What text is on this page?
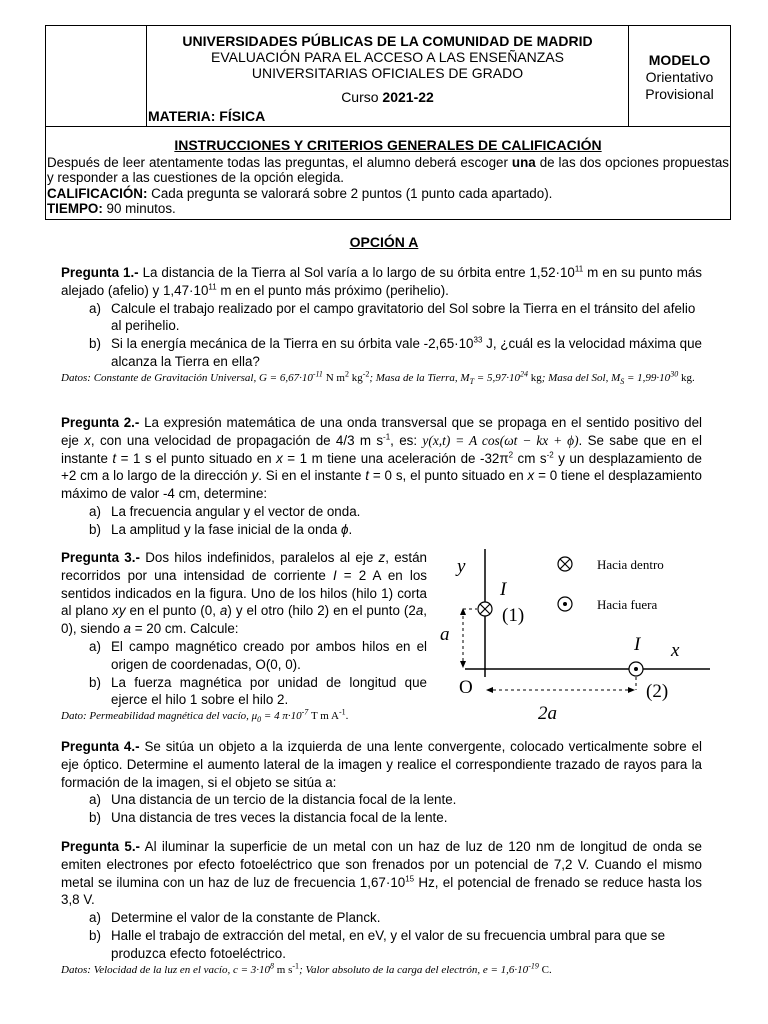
UNIVERSIDADES PÚBLICAS DE LA COMUNIDAD DE MADRID
EVALUACIÓN PARA EL ACCESO A LAS ENSEÑANZAS
UNIVERSITARIAS OFICIALES DE GRADO
Curso 2021-22
MATERIA: FÍSICA
MODELO
Orientativo
Provisional
INSTRUCCIONES Y CRITERIOS GENERALES DE CALIFICACIÓN
Después de leer atentamente todas las preguntas, el alumno deberá escoger una de las dos opciones propuestas y responder a las cuestiones de la opción elegida.
CALIFICACIÓN: Cada pregunta se valorará sobre 2 puntos (1 punto cada apartado).
TIEMPO: 90 minutos.
OPCIÓN A

Pregunta 1.- La distancia de la Tierra al Sol varía a lo largo de su órbita entre $1,52\cdot 10^{11}$ m en su punto más alejado (afelio) y $1,47\cdot 10^{11}$ m en el punto más próximo (perihelio).

a) Calcule el trabajo realizado por el campo gravitatorio del Sol sobre la Tierra en el tránsito del afelio al perihelio.
b) Si la energía mecánica de la Tierra en su órbita vale $-2,65\cdot 10^{33}$ J, ¿cuál es la velocidad máxima que alcanza la Tierra en ella?
Datos: Constante de Gravitación Universal, $G = 6,67\cdot 10^{-11}$ N $m^2$ $kg^{-2}$; Masa de la Tierra, $M_T = 5,97\cdot 10^{24}$ kg; Masa del Sol, $M_S = 1,99\cdot 10^{30}$ kg.

Pregunta 2.- La expresión matemática de una onda transversal que se propaga en el sentido positivo del eje x, con una velocidad de propagación de 4/3 m $s^{-1}$, es: y(x,t) = A cos(ωt − kx + ϕ). Se sabe que en el instante t = 1 s el punto situado en x = 1 m tiene una aceleración de $-32\pi^2$ cm $s^{-2}$ y un desplazamiento de +2 cm a lo largo de la dirección y. Si en el instante t = 0 s, el punto situado en x = 0 tiene el desplazamiento máximo de valor -4 cm, determine:

a) La frecuencia angular y el vector de onda.
b) La amplitud y la fase inicial de la onda ϕ.

Pregunta 3.- Dos hilos indefinidos, paralelos al eje z, están recorridos por una intensidad de corriente I = 2 A en los sentidos indicados en la figura. Uno de los hilos (hilo 1) corta al plano xy en el punto (0, a) y el otro (hilo 2) en el punto (2a, 0), siendo a = 20 cm. Calcule:

a) El campo magnético creado por ambos hilos en el origen de coordenadas, O(0, 0).
b) La fuerza magnética por unidad de longitud que ejerce el hilo 1 sobre el hilo 2.
Dato: Permeabilidad magnética del vacío, $\mu_0 = 4$ $\pi\cdot 10^{-7}$ T m $A^{-1}$.
Hacia dentro
Hacia fuera
y
x
I
(1)
I
(2)
a
2a
O

Pregunta 4.- Se sitúa un objeto a la izquierda de una lente convergente, colocado verticalmente sobre el eje óptico. Determine el aumento lateral de la imagen y realice el correspondiente trazado de rayos para la formación de la imagen, si el objeto se sitúa a:

a) Una distancia de un tercio de la distancia focal de la lente.
b) Una distancia de tres veces la distancia focal de la lente.

Pregunta 5.- Al iluminar la superficie de un metal con un haz de luz de 120 nm de longitud de onda se emiten electrones por efecto fotoeléctrico que son frenados por un potencial de 7,2 V. Cuando el mismo metal se ilumina con un haz de luz de frecuencia $1,67\cdot 10^{15}$ Hz, el potencial de frenado se reduce hasta los 3,8 V.

a) Determine el valor de la constante de Planck.
b) Halle el trabajo de extracción del metal, en eV, y el valor de su frecuencia umbral para que se produzca efecto fotoeléctrico.
Datos: Velocidad de la luz en el vacío, $c = 3\cdot 10^8$ m $s^{-1}$; Valor absoluto de la carga del electrón, $e = 1,6\cdot 10^{-19}$ C.
